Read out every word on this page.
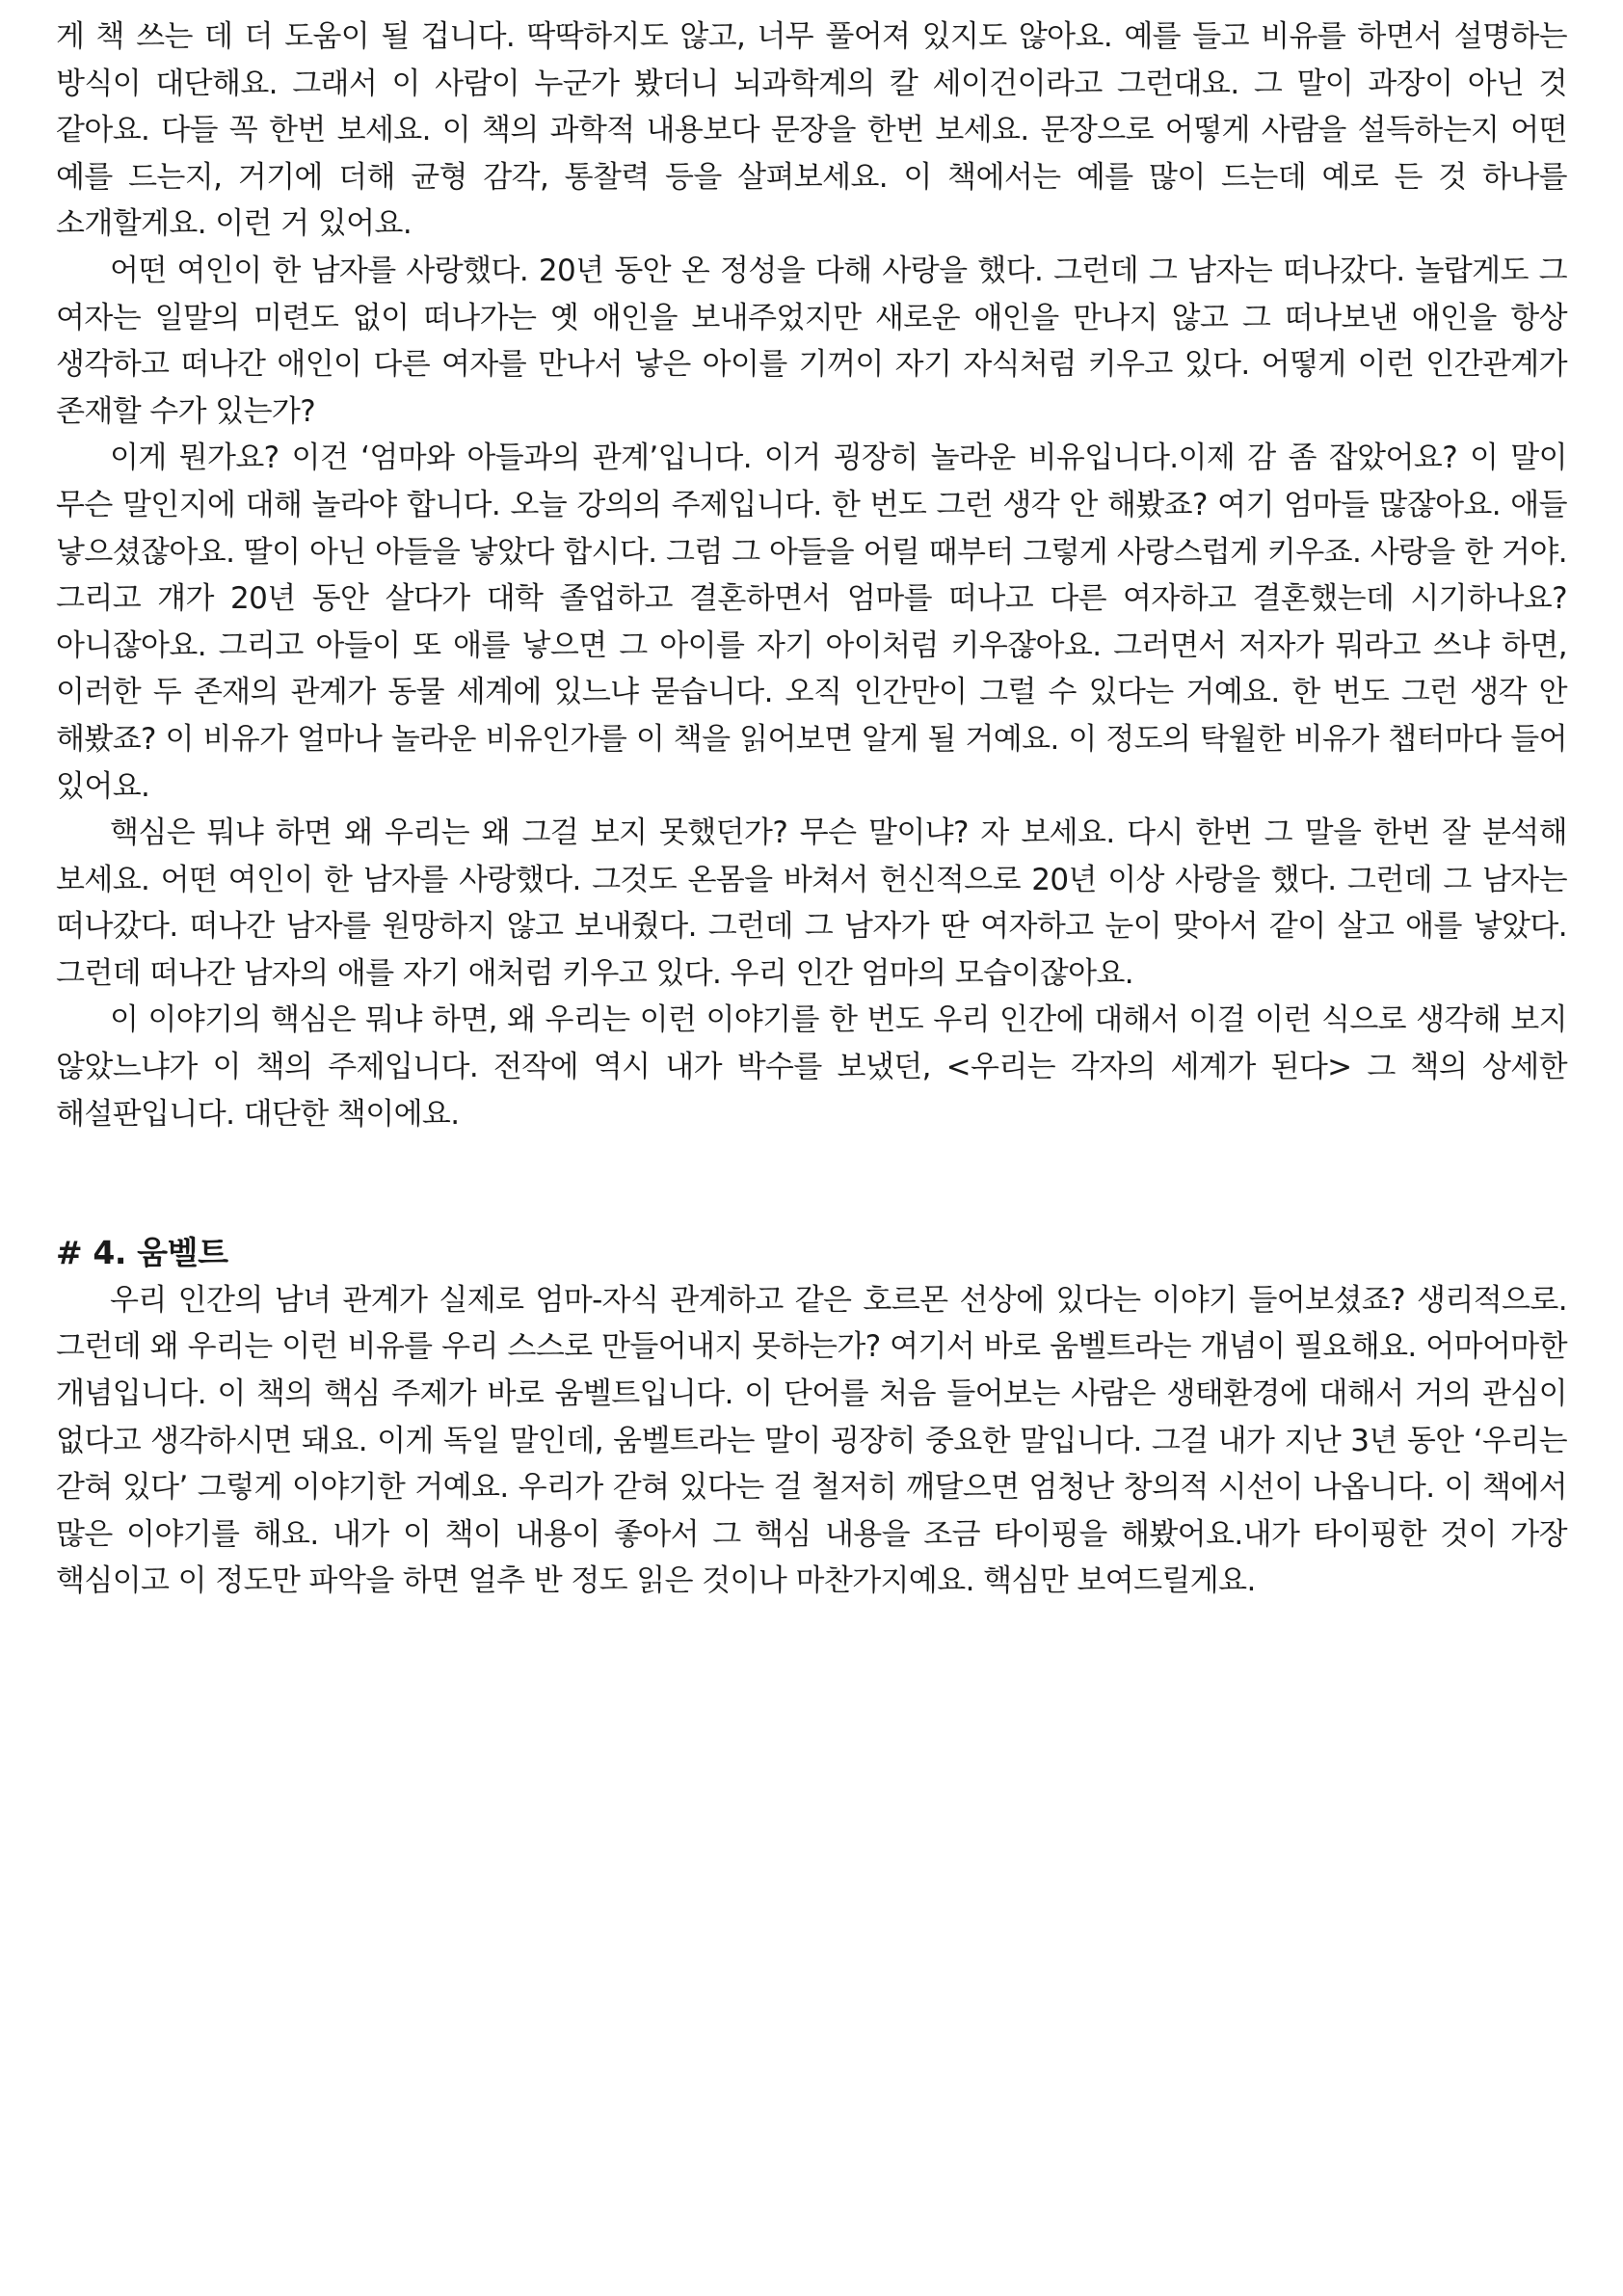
게 책 쓰는 데 더 도움이 될 겁니다. 딱딱하지도 않고, 너무 풀어져 있지도 않아요. 예를 들고 비유를 하면서 설명하는 방식이 대단해요. 그래서 이 사람이 누군가 봤더니 뇌과학계의 칼 세이건이라고 그런대요. 그 말이 과장이 아닌 것 같아요. 다들 꼭 한번 보세요. 이 책의 과학적 내용보다 문장을 한번 보세요. 문장으로 어떻게 사람을 설득하는지 어떤 예를 드는지, 거기에 더해 균형 감각, 통찰력 등을 살펴보세요. 이 책에서는 예를 많이 드는데 예로 든 것 하나를 소개할게요. 이런 거 있어요.

어떤 여인이 한 남자를 사랑했다. 20년 동안 온 정성을 다해 사랑을 했다. 그런데 그 남자는 떠나갔다. 놀랍게도 그 여자는 일말의 미련도 없이 떠나가는 옛 애인을 보내주었지만 새로운 애인을 만나지 않고 그 떠나보낸 애인을 항상 생각하고 떠나간 애인이 다른 여자를 만나서 낳은 아이를 기꺼이 자기 자식처럼 키우고 있다. 어떻게 이런 인간관계가 존재할 수가 있는가?

이게 뭔가요? 이건 ‘엄마와 아들과의 관계’입니다. 이거 굉장히 놀라운 비유입니다.이제 감 좀 잡았어요? 이 말이 무슨 말인지에 대해 놀라야 합니다. 오늘 강의의 주제입니다. 한 번도 그런 생각 안 해봤죠? 여기 엄마들 많잖아요. 애들 낳으셨잖아요. 딸이 아닌 아들을 낳았다 합시다. 그럼 그 아들을 어릴 때부터 그렇게 사랑스럽게 키우죠. 사랑을 한 거야. 그리고 걔가 20년 동안 살다가 대학 졸업하고 결혼하면서 엄마를 떠나고 다른 여자하고 결혼했는데 시기하나요? 아니잖아요. 그리고 아들이 또 애를 낳으면 그 아이를 자기 아이처럼 키우잖아요. 그러면서 저자가 뭐라고 쓰냐 하면, 이러한 두 존재의 관계가 동물 세계에 있느냐 묻습니다. 오직 인간만이 그럴 수 있다는 거예요. 한 번도 그런 생각 안 해봤죠? 이 비유가 얼마나 놀라운 비유인가를 이 책을 읽어보면 알게 될 거예요. 이 정도의 탁월한 비유가 챕터마다 들어 있어요.

핵심은 뭐냐 하면 왜 우리는 왜 그걸 보지 못했던가? 무슨 말이냐? 자 보세요. 다시 한번 그 말을 한번 잘 분석해 보세요. 어떤 여인이 한 남자를 사랑했다. 그것도 온몸을 바쳐서 헌신적으로 20년 이상 사랑을 했다. 그런데 그 남자는 떠나갔다. 떠나간 남자를 원망하지 않고 보내줬다. 그런데 그 남자가 딴 여자하고 눈이 맞아서 같이 살고 애를 낳았다. 그런데 떠나간 남자의 애를 자기 애처럼 키우고 있다. 우리 인간 엄마의 모습이잖아요.

이 이야기의 핵심은 뭐냐 하면, 왜 우리는 이런 이야기를 한 번도 우리 인간에 대해서 이걸 이런 식으로 생각해 보지 않았느냐가 이 책의 주제입니다. 전작에 역시 내가 박수를 보냈던, <우리는 각자의 세계가 된다> 그 책의 상세한 해설판입니다. 대단한 책이에요.

# 4. 움벨트

우리 인간의 남녀 관계가 실제로 엄마-자식 관계하고 같은 호르몬 선상에 있다는 이야기 들어보셨죠? 생리적으로. 그런데 왜 우리는 이런 비유를 우리 스스로 만들어내지 못하는가? 여기서 바로 움벨트라는 개념이 필요해요. 어마어마한 개념입니다. 이 책의 핵심 주제가 바로 움벨트입니다. 이 단어를 처음 들어보는 사람은 생태환경에 대해서 거의 관심이 없다고 생각하시면 돼요. 이게 독일 말인데, 움벨트라는 말이 굉장히 중요한 말입니다. 그걸 내가 지난 3년 동안 ‘우리는 갇혀 있다’ 그렇게 이야기한 거예요. 우리가 갇혀 있다는 걸 철저히 깨달으면 엄청난 창의적 시선이 나옵니다. 이 책에서 많은 이야기를 해요. 내가 이 책이 내용이 좋아서 그 핵심 내용을 조금 타이핑을 해봤어요.내가 타이핑한 것이 가장 핵심이고 이 정도만 파악을 하면 얼추 반 정도 읽은 것이나 마찬가지예요. 핵심만 보여드릴게요.
